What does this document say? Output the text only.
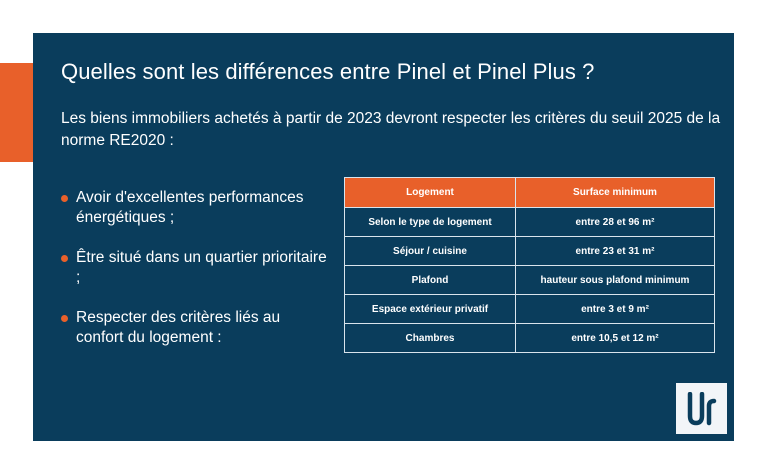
Quelles sont les différences entre Pinel et Pinel Plus ?

Les biens immobiliers achetés à partir de 2023 devront respecter les critères du seuil 2025 de la norme RE2020 :

Avoir d'excellentes performances énergétiques ;
Être situé dans un quartier prioritaire ;
Respecter des critères liés au confort du logement :
Logement	Surface minimum
Selon le type de logement	entre 28 et 96 m²
Séjour / cuisine	entre 23 et 31 m²
Plafond	hauteur sous plafond minimum
Espace extérieur privatif	entre 3 et 9 m²
Chambres	entre 10,5 et 12 m²
